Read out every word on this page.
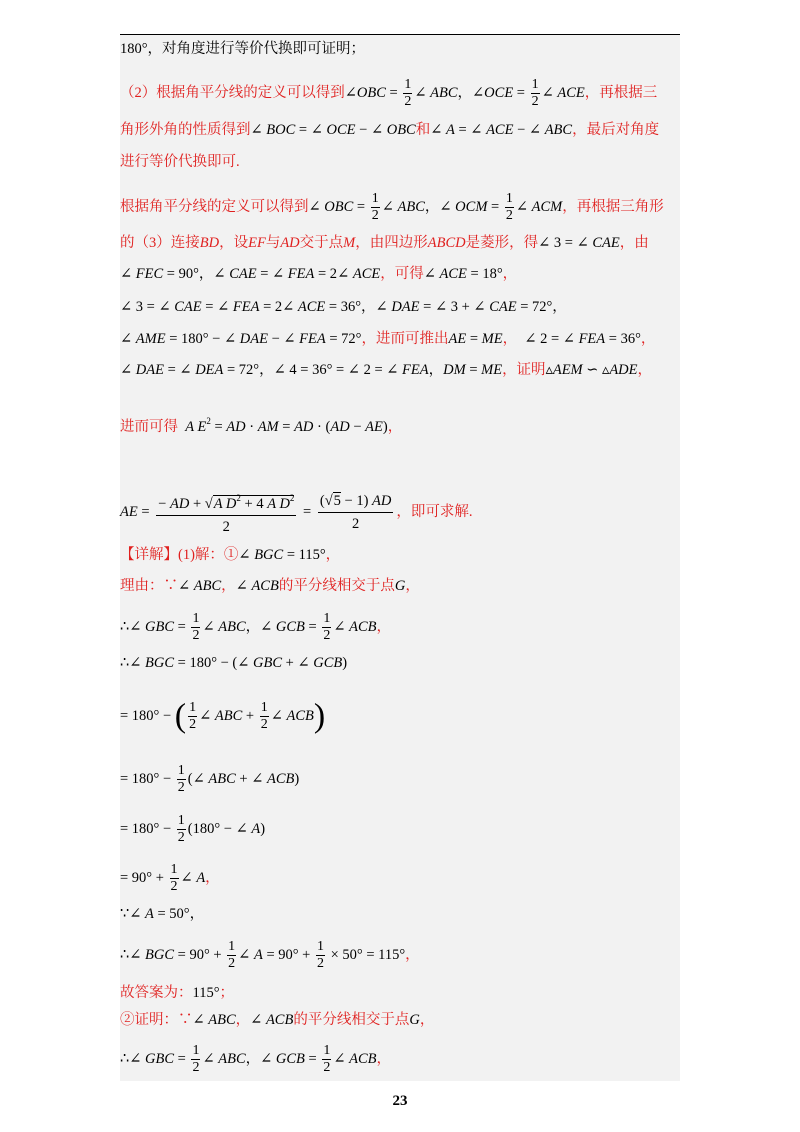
180°，对角度进行等价代换即可证明；
（2）根据角平分线的定义可以得到∠OBC = $\frac{1}{2}$ ∠ ABC，∠OCE = $\frac{1}{2}$ ∠ ACE，再根据三
角形外角的性质得到∠ BOC = ∠ OCE − ∠ OBC和∠ A = ∠ ACE − ∠ ABC，最后对角度
进行等价代换即可.
根据角平分线的定义可以得到∠ OBC = $\frac{1}{2}$ ∠ ABC，∠ OCM = $\frac{1}{2}$ ∠ ACM，再根据三角形
的（3）连接BD，设EF与AD交于点M，由四边形ABCD是菱形，得∠ 3 = ∠ CAE，由
∠ FEC = 90°，∠ CAE = ∠ FEA = 2∠ ACE，可得∠ ACE = 18°，
∠ 3 = ∠ CAE = ∠ FEA = 2∠ ACE = 36°，∠ DAE = ∠ 3 + ∠ CAE = 72°，
∠ AME = 180° − ∠ DAE − ∠ FEA = 72°，进而可推出AE = ME，  ∠ 2 = ∠ FEA = 36°，
∠ DAE = ∠ DEA = 72°，∠ 4 = 36° = ∠ 2 = ∠ FEA，DM = ME，证明▵AEM ∽ ▵ADE，
进而可得 A $E^2$ = AD · AM = AD · (AD − AE)，
AE = $\frac{- AD + √A D^2 + 4 A D^2}{2} = \frac{(√5 - 1) AD}{2}$ ，即可求解.
【详解】(1)解：①∠ BGC = 115°，
理由：∵∠ ABC，∠ ACB的平分线相交于点G，
∴∠ GBC = $\frac{1}{2}$ ∠ ABC，∠ GCB = $\frac{1}{2}$ ∠ ACB，
∴∠ BGC = 180° − (∠ GBC + ∠ GCB)
= 180° − ( $\frac{1}{2}$ ∠ ABC + $\frac{1}{2}$ ∠ ACB)
= $180^\circ - \frac{1}{2}$ (∠ ABC + ∠ ACB)
= $180^\circ - \frac{1}{2} (180^\circ$ − ∠ A)
= $90^\circ + \frac{1}{2}$ ∠ A，
∵∠ A = 50°，
∴∠ BGC = $90^\circ + \frac{1}{2}$ ∠ $A = 90^\circ + \frac{1}{2} \times 50^\circ = 115^\circ$，
故答案为：115°；
②证明：∵∠ ABC，∠ ACB的平分线相交于点G，
∴∠ GBC = $\frac{1}{2}$ ∠ ABC，∠ GCB = $\frac{1}{2}$ ∠ ACB，
23
